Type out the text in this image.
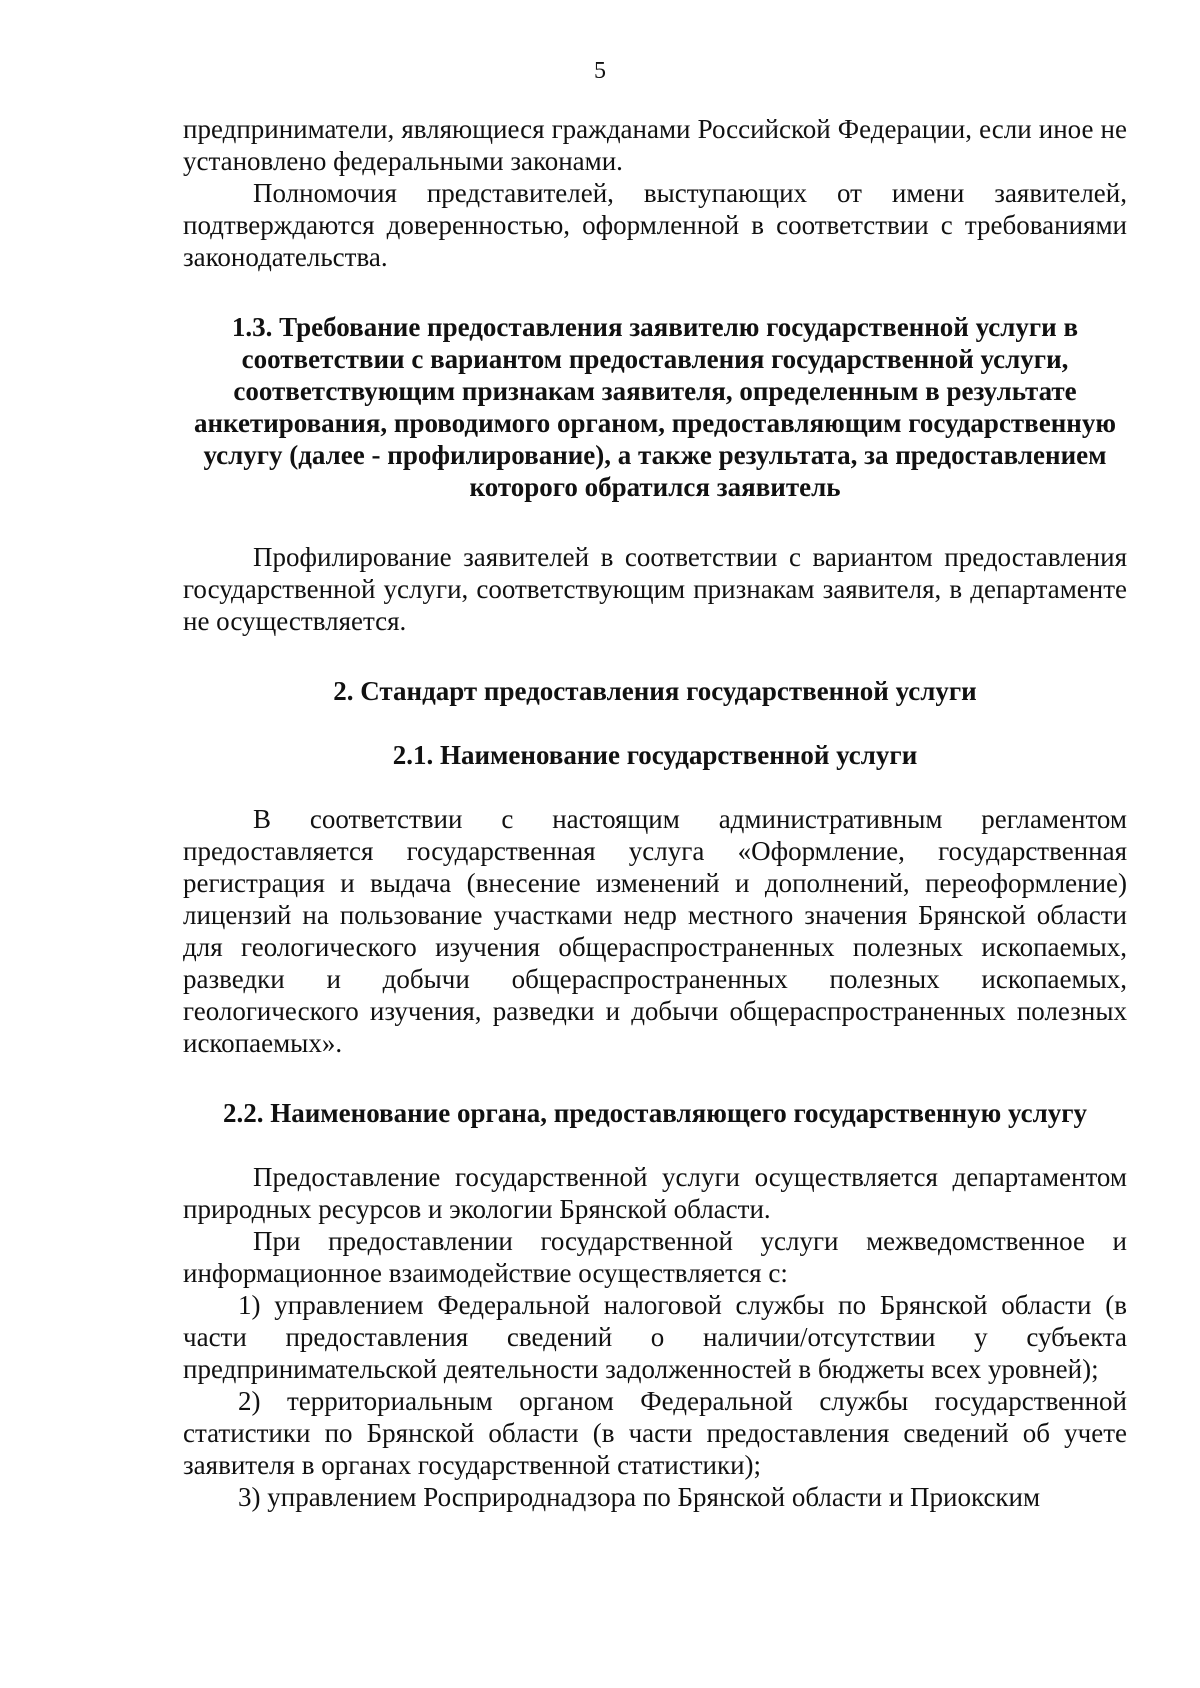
5

предприниматели, являющиеся гражданами Российской Федерации, если иное не установлено федеральными законами.

Полномочия представителей, выступающих от имени заявителей, подтверждаются доверенностью, оформленной в соответствии с требованиями законодательства.

1.3. Требование предоставления заявителю государственной услуги в соответствии с вариантом предоставления государственной услуги, соответствующим признакам заявителя, определенным в результате анкетирования, проводимого органом, предоставляющим государственную услугу (далее - профилирование), а также результата, за предоставлением которого обратился заявитель

Профилирование заявителей в соответствии с вариантом предоставления государственной услуги, соответствующим признакам заявителя, в департаменте не осуществляется.

2. Стандарт предоставления государственной услуги
2.1. Наименование государственной услуги

В соответствии с настоящим административным регламентом предоставляется государственная услуга «Оформление, государственная регистрация и выдача (внесение изменений и дополнений, переоформление) лицензий на пользование участками недр местного значения Брянской области для геологического изучения общераспространенных полезных ископаемых, разведки и добычи общераспространенных полезных ископаемых, геологического изучения, разведки и добычи общераспространенных полезных ископаемых».

2.2. Наименование органа, предоставляющего государственную услугу

Предоставление государственной услуги осуществляется департаментом природных ресурсов и экологии Брянской области.

При предоставлении государственной услуги межведомственное и информационное взаимодействие осуществляется с:

1) управлением Федеральной налоговой службы по Брянской области (в части предоставления сведений о наличии/отсутствии у субъекта предпринимательской деятельности задолженностей в бюджеты всех уровней);

2) территориальным органом Федеральной службы государственной статистики по Брянской области (в части предоставления сведений об учете заявителя в органах государственной статистики);

3) управлением Росприроднадзора по Брянской области и Приокским
